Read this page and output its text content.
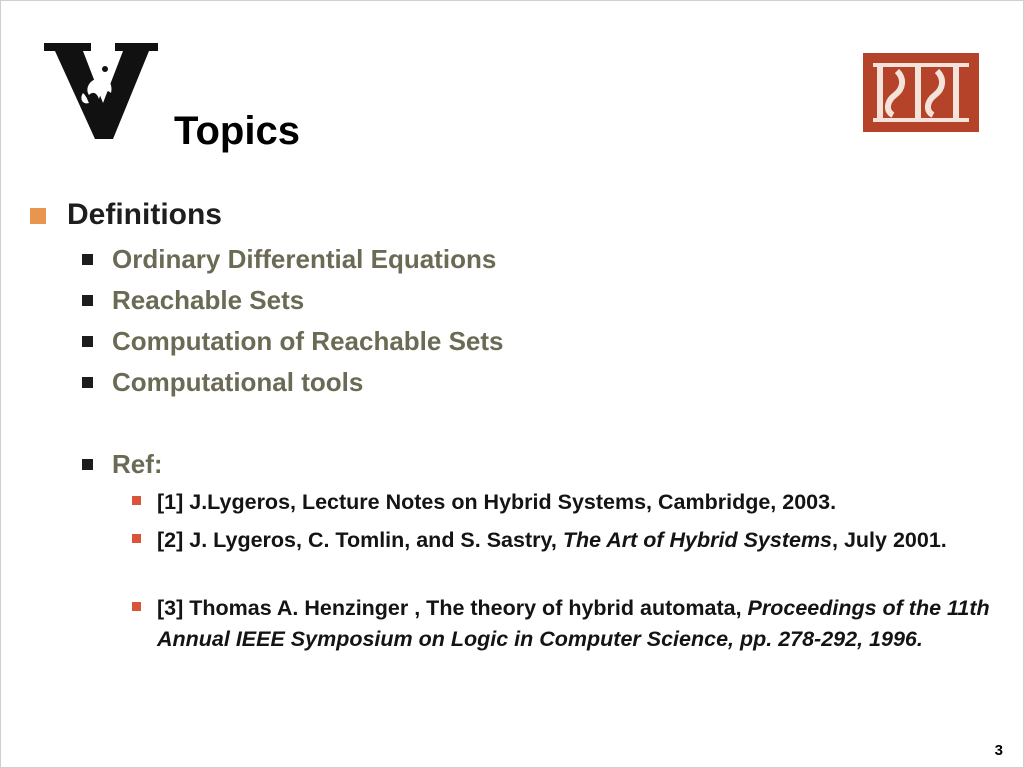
Topics
Definitions
Ordinary Differential Equations
Reachable Sets
Computation of Reachable Sets
Computational tools
Ref:
[1] J.Lygeros, Lecture Notes on Hybrid Systems, Cambridge, 2003.
[2] J. Lygeros, C. Tomlin, and S. Sastry, The Art of Hybrid Systems, July 2001.
[3] Thomas A. Henzinger , The theory of hybrid automata, Proceedings of the 11th Annual IEEE Symposium on Logic in Computer Science, pp. 278-292, 1996.
3
